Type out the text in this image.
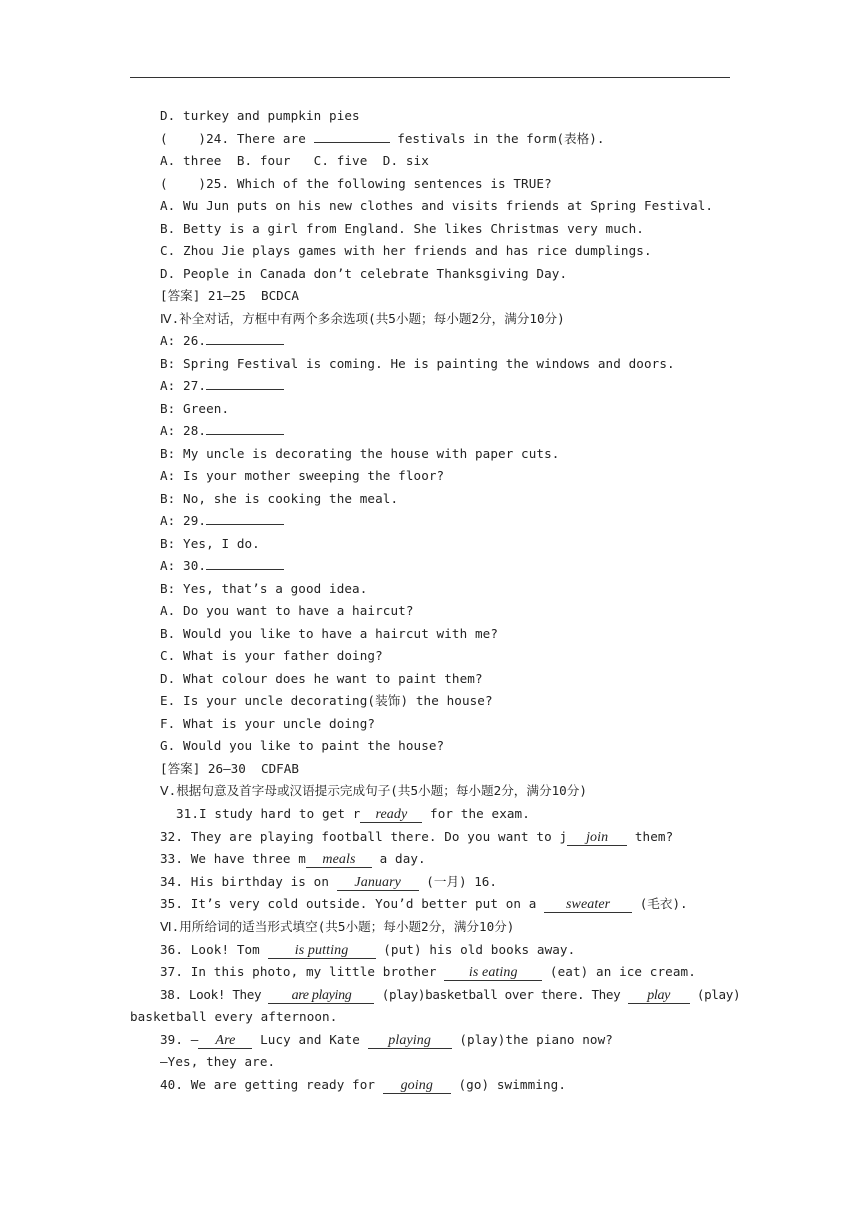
D. turkey and pumpkin pies
(    )24. There are	festivals in the form(表格).
A. three  B. four   C. five  D. six
(    )25. Which of the following sentences is TRUE?
A. Wu Jun puts on his new clothes and visits friends at Spring Festival.
B. Betty is a girl from England. She likes Christmas very much.
C. Zhou Jie plays games with her friends and has rice dumplings.
D. People in Canada don’t celebrate Thanksgiving Day.
[答案] 21—25  BCDCA
Ⅳ.补全对话，方框中有两个多余选项(共5小题；每小题2分，满分10分)
A: 26.
B: Spring Festival is coming. He is painting the windows and doors.
A: 27.
B: Green.
A: 28.
B: My uncle is decorating the house with paper cuts.
A: Is your mother sweeping the floor?
B: No, she is cooking the meal.
A: 29.
B: Yes, I do.
A: 30.
B: Yes, that’s a good idea.
A. Do you want to have a haircut?
B. Would you like to have a haircut with me?
C. What is your father doing?
D. What colour does he want to paint them?
E. Is your uncle decorating(装饰) the house?
F. What is your uncle doing?
G. Would you like to paint the house?
[答案] 26—30  CDFAB
Ⅴ.根据句意及首字母或汉语提示完成句子(共5小题；每小题2分，满分10分)
31.I study hard to get r ready for the exam.
32. They are playing football there. Do you want to j join them?
33. We have three m meals a day.
34. His birthday is on January (一月) 16.
35. It’s very cold outside. You’d better put on a sweater (毛衣).
Ⅵ.用所给词的适当形式填空(共5小题；每小题2分，满分10分)
36. Look! Tom is putting (put) his old books away.
37. In this photo, my little brother is eating (eat) an ice cream.
38. Look! They are playing (play)basketball over there. They play (play)
basketball every afternoon.
39. — Are Lucy and Kate playing (play)the piano now?
—Yes, they are.
40. We are getting ready for going (go) swimming.
